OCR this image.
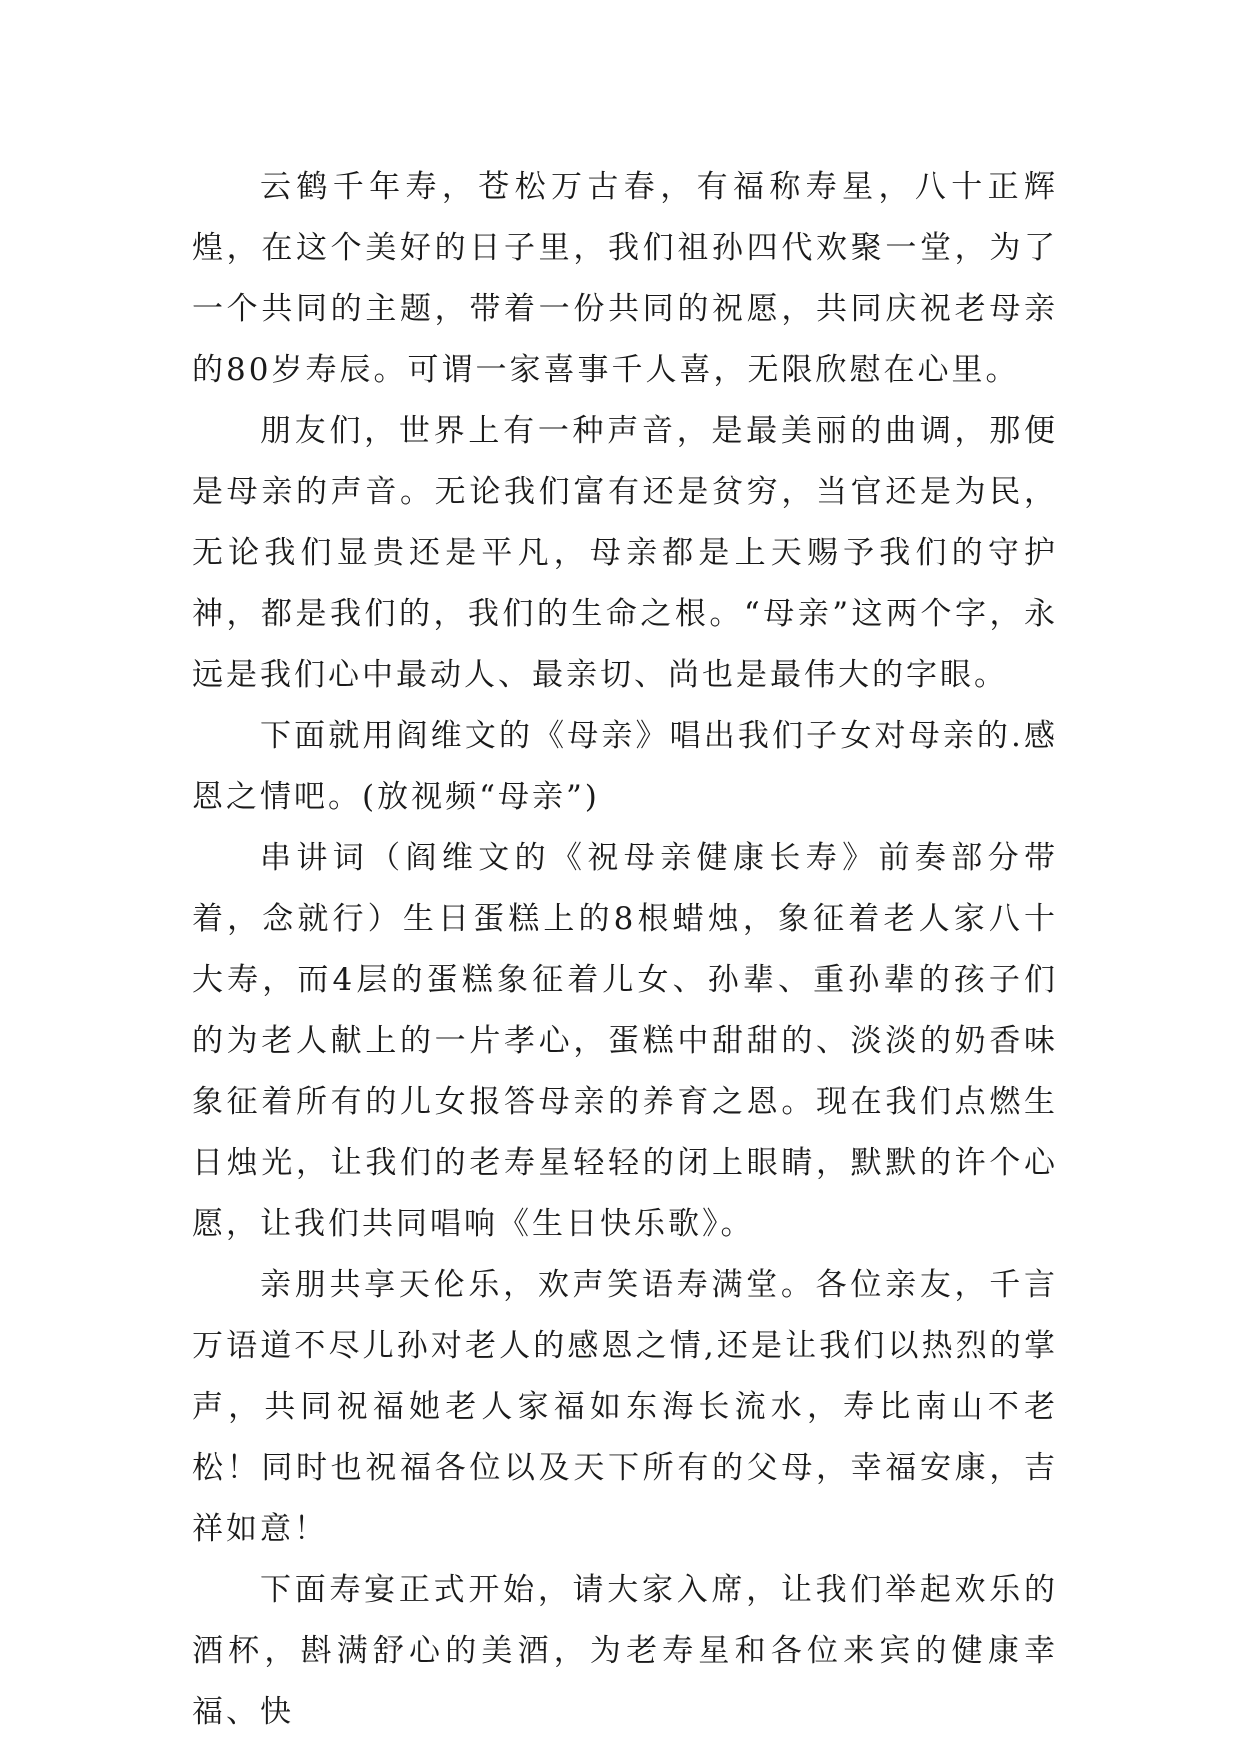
云鹤千年寿，苍松万古春，有福称寿星，八十正辉煌，在这个美好的日子里，我们祖孙四代欢聚一堂，为了一个共同的主题，带着一份共同的祝愿，共同庆祝老母亲的80岁寿辰。可谓一家喜事千人喜，无限欣慰在心里。

朋友们，世界上有一种声音，是最美丽的曲调，那便是母亲的声音。无论我们富有还是贫穷，当官还是为民，无论我们显贵还是平凡，母亲都是上天赐予我们的守护神，都是我们的，我们的生命之根。“母亲”这两个字，永远是我们心中最动人、最亲切、尚也是最伟大的字眼。

下面就用阎维文的《母亲》唱出我们子女对母亲的.感恩之情吧。(放视频“母亲”)

串讲词（阎维文的《祝母亲健康长寿》前奏部分带着，念就行）生日蛋糕上的8根蜡烛，象征着老人家八十大寿，而4层的蛋糕象征着儿女、孙辈、重孙辈的孩子们的为老人献上的一片孝心，蛋糕中甜甜的、淡淡的奶香味象征着所有的儿女报答母亲的养育之恩。现在我们点燃生日烛光，让我们的老寿星轻轻的闭上眼睛，默默的许个心愿，让我们共同唱响《生日快乐歌》。

亲朋共享天伦乐，欢声笑语寿满堂。各位亲友，千言万语道不尽儿孙对老人的感恩之情,还是让我们以热烈的掌声，共同祝福她老人家福如东海长流水，寿比南山不老松！同时也祝福各位以及天下所有的父母，幸福安康，吉祥如意！

下面寿宴正式开始，请大家入席，让我们举起欢乐的酒杯，斟满舒心的美酒，为老寿星和各位来宾的健康幸福、快
